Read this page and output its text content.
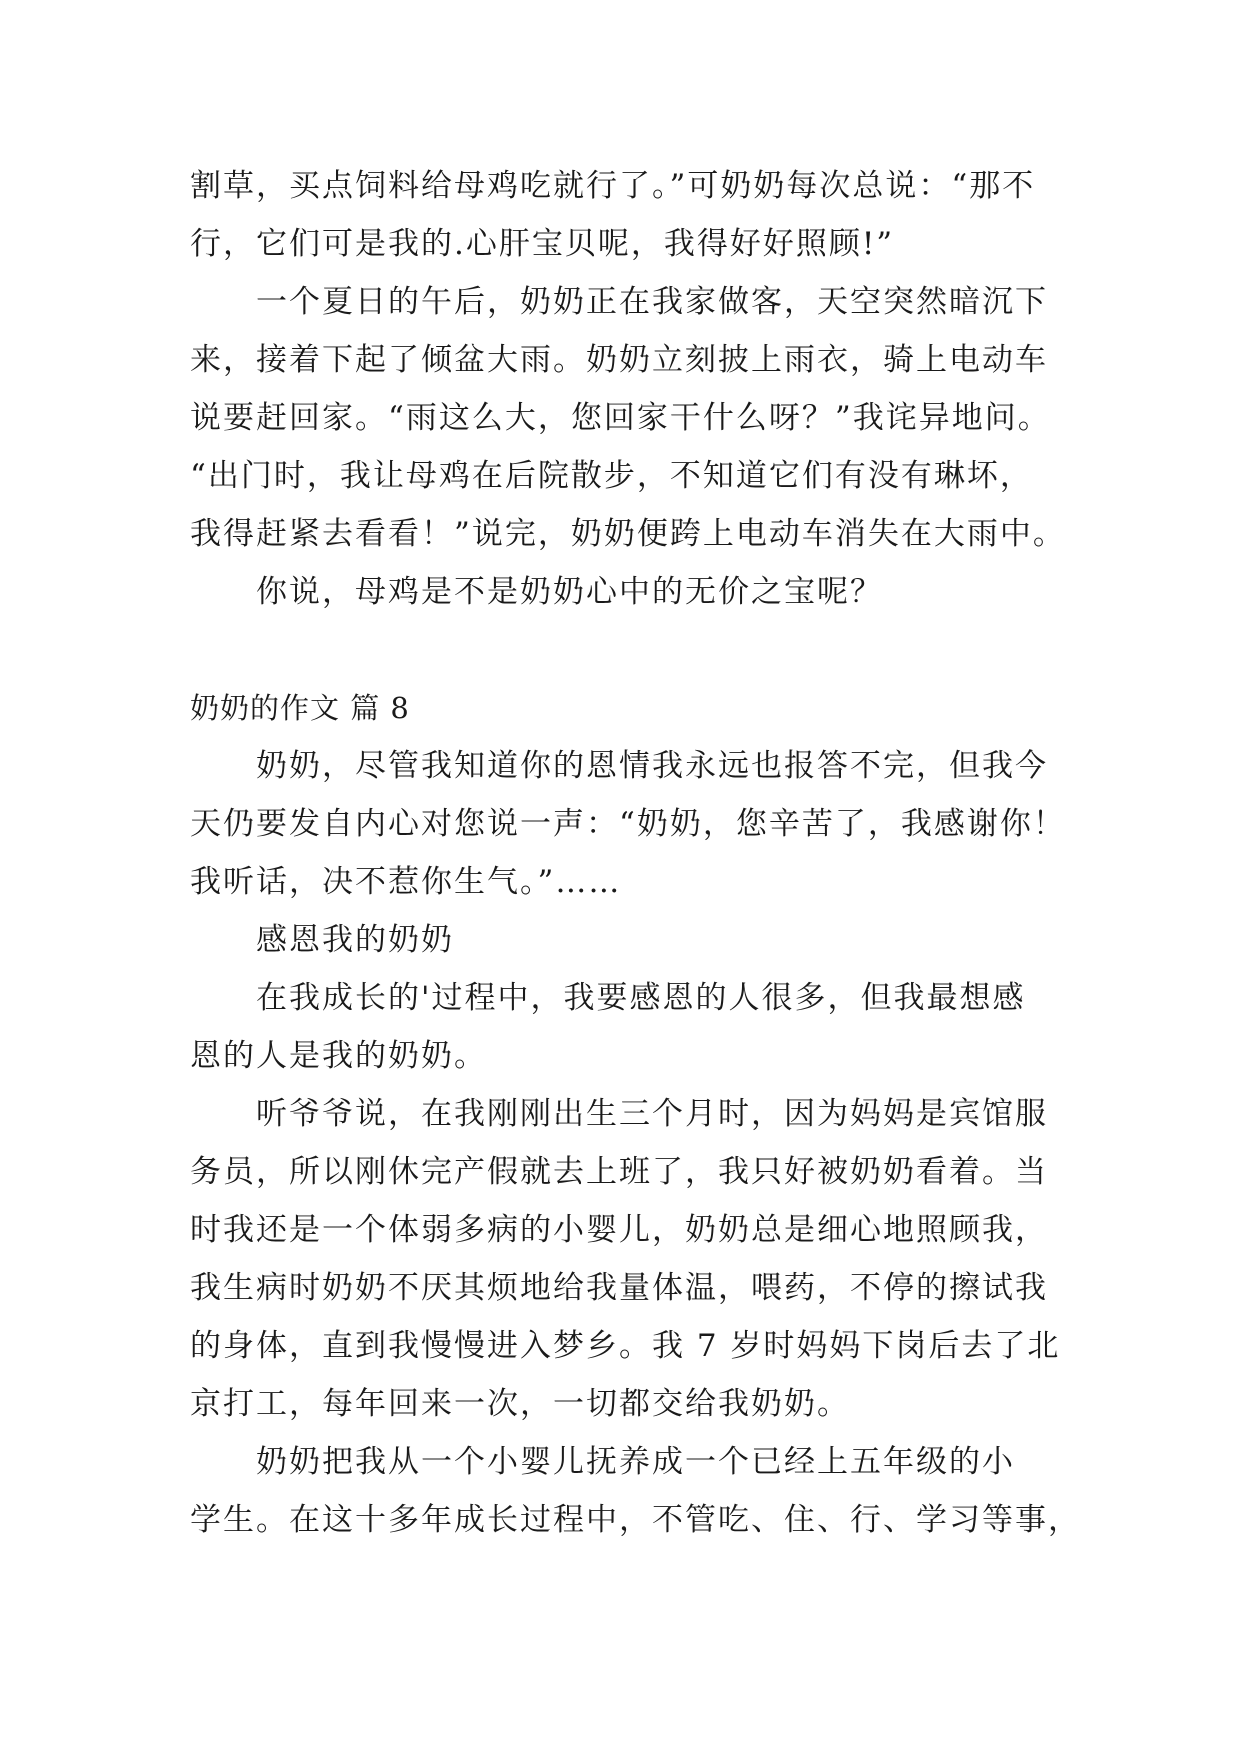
割草，买点饲料给母鸡吃就行了。”可奶奶每次总说：“那不
行，它们可是我的.心肝宝贝呢，我得好好照顾!”
一个夏日的午后，奶奶正在我家做客，天空突然暗沉下
来，接着下起了倾盆大雨。奶奶立刻披上雨衣，骑上电动车
说要赶回家。“雨这么大，您回家干什么呀？”我诧异地问。
“出门时，我让母鸡在后院散步，不知道它们有没有琳坏，
我得赶紧去看看！”说完，奶奶便跨上电动车消失在大雨中。
你说，母鸡是不是奶奶心中的无价之宝呢？
奶奶的作文 篇 8
奶奶，尽管我知道你的恩情我永远也报答不完，但我今
天仍要发自内心对您说一声：“奶奶，您辛苦了，我感谢你！
我听话，决不惹你生气。”……
感恩我的奶奶
在我成长的'过程中，我要感恩的人很多，但我最想感
恩的人是我的奶奶。
听爷爷说，在我刚刚出生三个月时，因为妈妈是宾馆服
务员，所以刚休完产假就去上班了，我只好被奶奶看着。当
时我还是一个体弱多病的小婴儿，奶奶总是细心地照顾我，
我生病时奶奶不厌其烦地给我量体温，喂药，不停的擦试我
的身体，直到我慢慢进入梦乡。我 7 岁时妈妈下岗后去了北
京打工，每年回来一次，一切都交给我奶奶。
奶奶把我从一个小婴儿抚养成一个已经上五年级的小
学生。在这十多年成长过程中，不管吃、住、行、学习等事，
